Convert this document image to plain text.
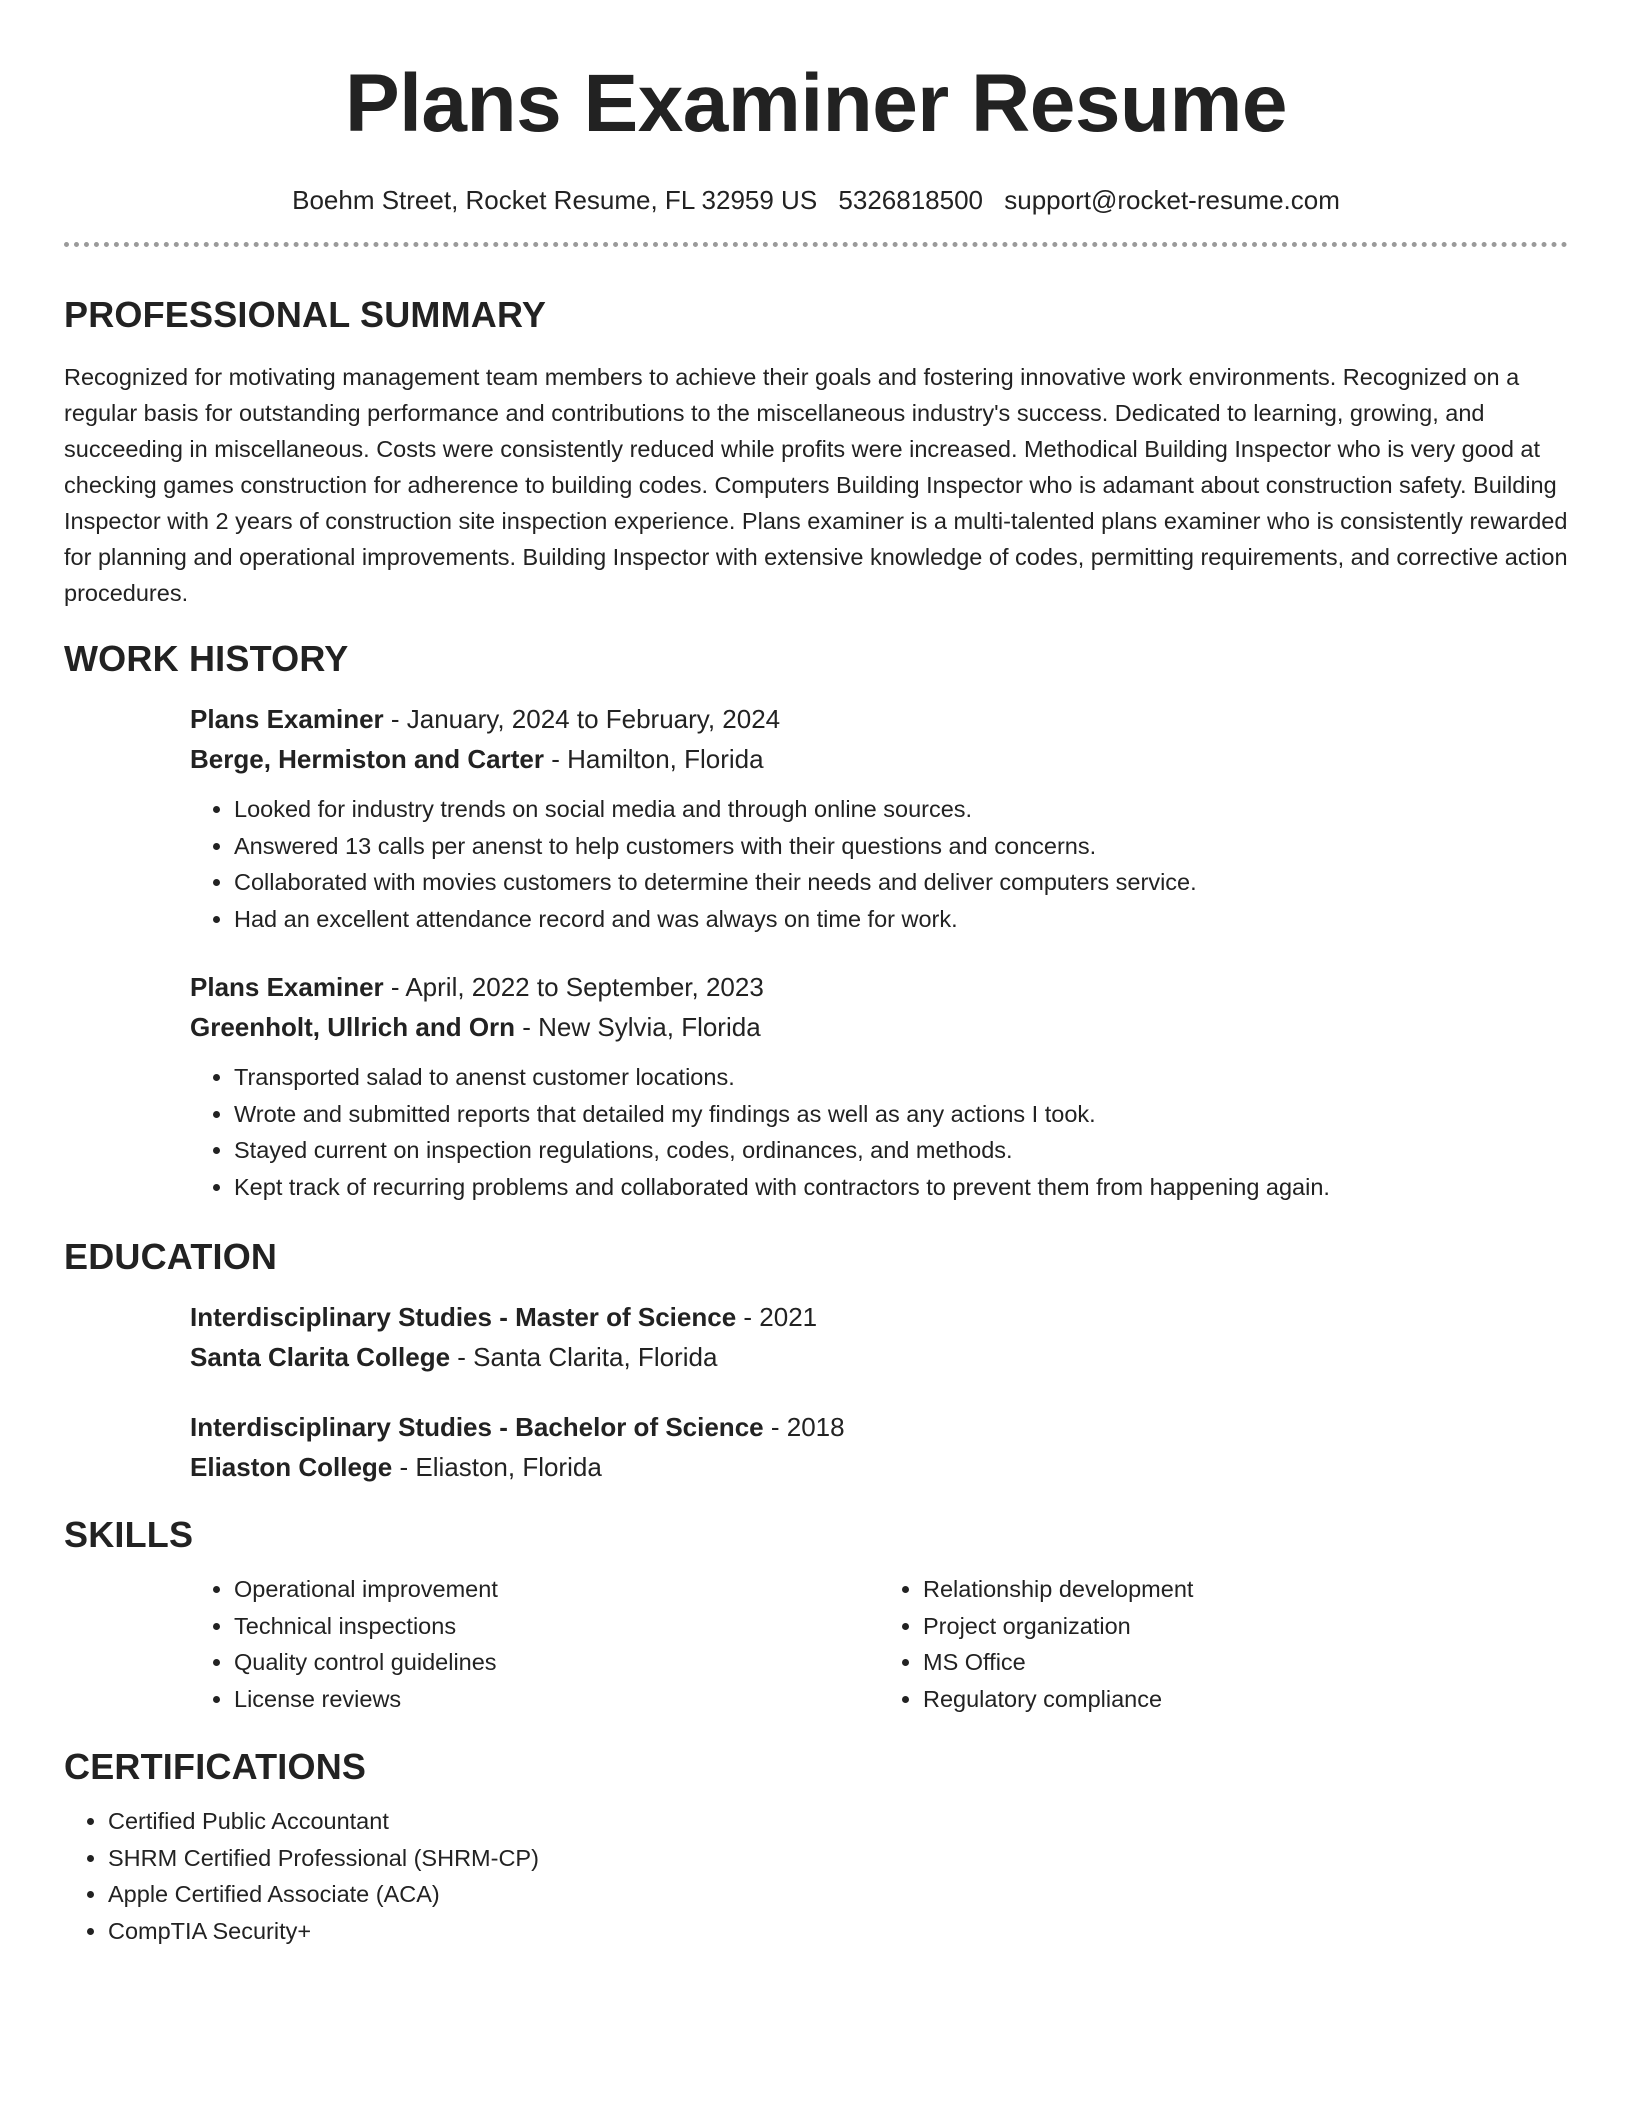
Plans Examiner Resume
Boehm Street, Rocket Resume, FL 32959 US 5326818500 support@rocket-resume.com
PROFESSIONAL SUMMARY

Recognized for motivating management team members to achieve their goals and fostering innovative work environments. Recognized on a regular basis for outstanding performance and contributions to the miscellaneous industry's success. Dedicated to learning, growing, and succeeding in miscellaneous. Costs were consistently reduced while profits were increased. Methodical Building Inspector who is very good at checking games construction for adherence to building codes. Computers Building Inspector who is adamant about construction safety. Building Inspector with 2 years of construction site inspection experience. Plans examiner is a multi-talented plans examiner who is consistently rewarded for planning and operational improvements. Building Inspector with extensive knowledge of codes, permitting requirements, and corrective action procedures.

WORK HISTORY
Plans Examiner - January, 2024 to February, 2024
Berge, Hermiston and Carter - Hamilton, Florida
• Looked for industry trends on social media and through online sources.
• Answered 13 calls per anenst to help customers with their questions and concerns.
• Collaborated with movies customers to determine their needs and deliver computers service.
• Had an excellent attendance record and was always on time for work.
Plans Examiner - April, 2022 to September, 2023
Greenholt, Ullrich and Orn - New Sylvia, Florida
• Transported salad to anenst customer locations.
• Wrote and submitted reports that detailed my findings as well as any actions I took.
• Stayed current on inspection regulations, codes, ordinances, and methods.
• Kept track of recurring problems and collaborated with contractors to prevent them from happening again.
EDUCATION
Interdisciplinary Studies - Master of Science - 2021
Santa Clarita College - Santa Clarita, Florida
Interdisciplinary Studies - Bachelor of Science - 2018
Eliaston College - Eliaston, Florida
SKILLS
• Operational improvement
• Technical inspections
• Quality control guidelines
• License reviews
• Relationship development
• Project organization
• MS Office
• Regulatory compliance
CERTIFICATIONS
• Certified Public Accountant
• SHRM Certified Professional (SHRM-CP)
• Apple Certified Associate (ACA)
• CompTIA Security+
